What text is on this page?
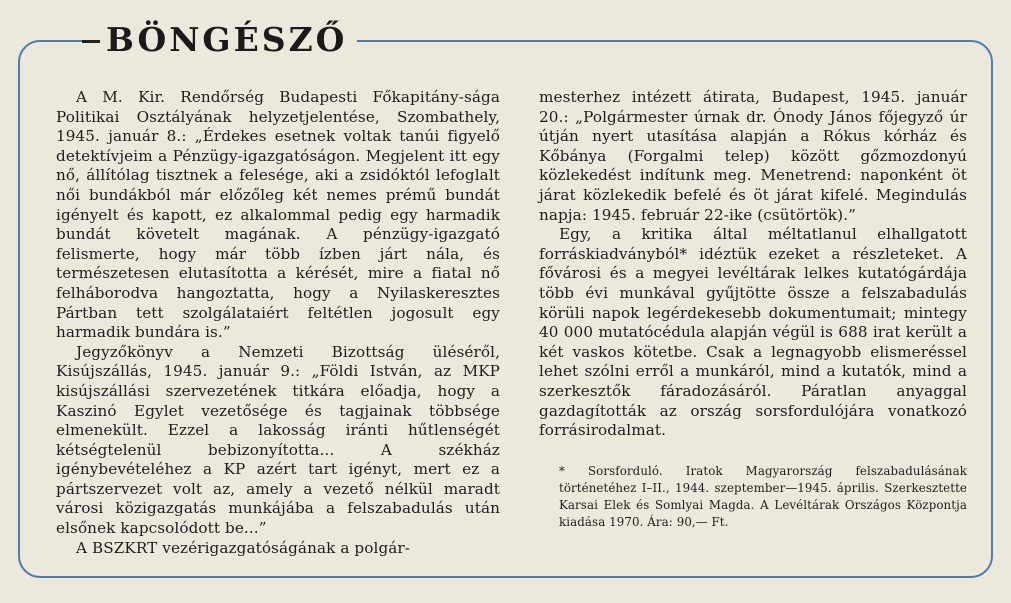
BÖNGÉSZŐ

A M. Kir. Rendőrség Budapesti Főkapitány-sága Politikai Osztályának helyzetjelentése, Szombathely, 1945. január 8.: „Érdekes esetnek voltak tanúi figyelő detektívjeim a Pénzügy-igazgatóságon. Megjelent itt egy nő, állítólag tisztnek a felesége, aki a zsidóktól lefoglalt női bundákból már előzőleg két nemes prémű bundát igényelt és kapott, ez alkalommal pedig egy harmadik bundát követelt magának. A pénzügy-igazgató felismerte, hogy már több ízben járt nála, és természetesen elutasította a kérését, mire a fiatal nő felháborodva hangoztatta, hogy a Nyilaskeresztes Pártban tett szolgálataiért feltétlen jogosult egy harmadik bundára is.”

Jegyzőkönyv a Nemzeti Bizottság üléséről, Kisújszállás, 1945. január 9.: „Földi István, az MKP kisújszállási szervezetének titkára előadja, hogy a Kaszinó Egylet vezetősége és tagjainak többsége elmenekült. Ezzel a lakosság iránti hűtlenségét kétségtelenül bebizonyította... A székház igénybevételéhez a KP azért tart igényt, mert ez a pártszervezet volt az, amely a vezető nélkül maradt városi közigazgatás munkájába a felszabadulás után elsőnek kapcsolódott be...”

A BSZKRT vezérigazgatóságának a polgár-

mesterhez intézett átirata, Budapest, 1945. január 20.: „Polgármester úrnak dr. Ónody János főjegyző úr útján nyert utasítása alapján a Rókus kórház és Kőbánya (Forgalmi telep) között gőzmozdonyú közlekedést indítunk meg. Menetrend: naponként öt járat közlekedik befelé és öt járat kifelé. Megindulás napja: 1945. február 22-ike (csütörtök).”

Egy, a kritika által méltatlanul elhallgatott forráskiadványból* idéztük ezeket a részleteket. A fővárosi és a megyei levéltárak lelkes kutatógárdája több évi munkával gyűjtötte össze a felszabadulás körüli napok legérdekesebb dokumentumait; mintegy 40 000 mutatócédula alapján végül is 688 irat került a két vaskos kötetbe. Csak a legnagyobb elismeréssel lehet szólni erről a munkáról, mind a kutatók, mind a szerkesztők fáradozásáról. Páratlan anyaggal gazdagították az ország sorsfordulójára vonatkozó forrásirodalmat.

* Sorsforduló. Iratok Magyarország felszabadulásának történetéhez I–II., 1944. szeptember—1945. április. Szerkesztette Karsai Elek és Somlyai Magda. A Levéltárak Országos Központja kiadása 1970. Ára: 90,— Ft.
